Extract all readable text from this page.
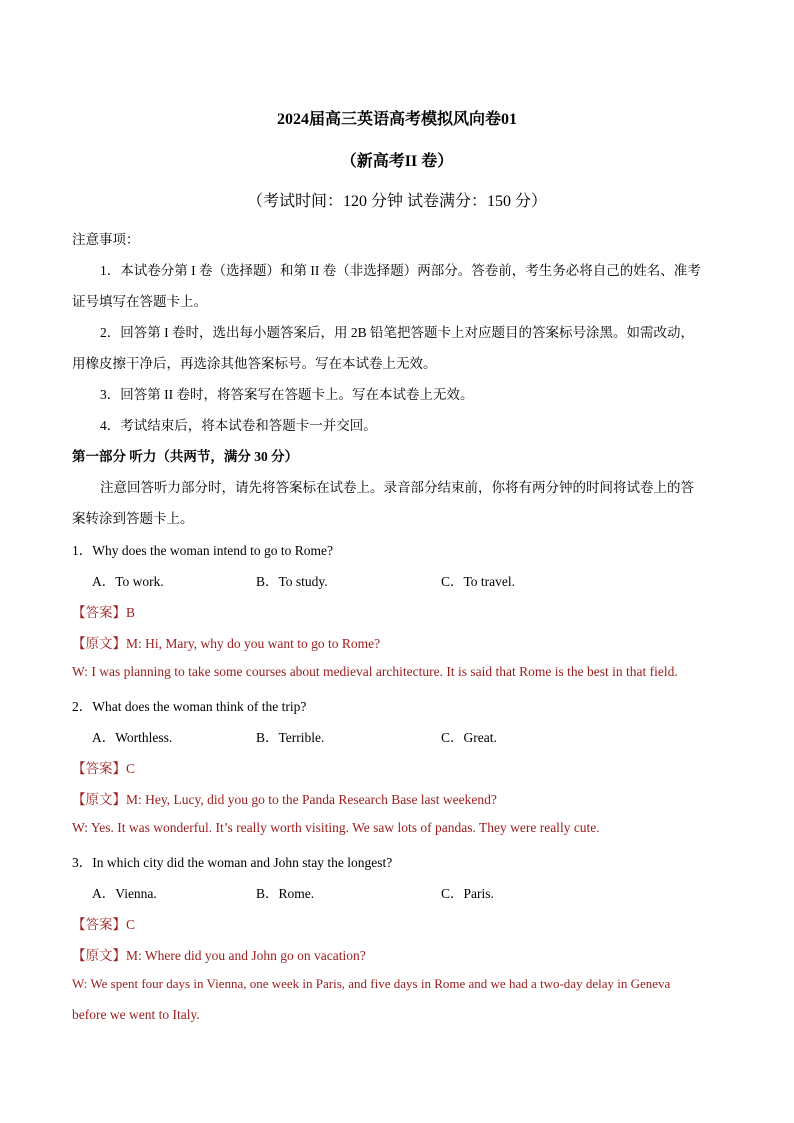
2024届高三英语高考模拟风向卷01
（新高考II 卷）
（考试时间：120 分钟 试卷满分：150 分）
注意事项：
1．本试卷分第 I 卷（选择题）和第 II 卷（非选择题）两部分。答卷前，考生务必将自己的姓名、准考
证号填写在答题卡上。
2．回答第 I 卷时，选出每小题答案后，用 2B 铅笔把答题卡上对应题目的答案标号涂黑。如需改动，
用橡皮擦干净后，再选涂其他答案标号。写在本试卷上无效。
3．回答第 II 卷时，将答案写在答题卡上。写在本试卷上无效。
4．考试结束后，将本试卷和答题卡一并交回。
第一部分 听力（共两节，满分 30 分）
注意回答听力部分时，请先将答案标在试卷上。录音部分结束前，你将有两分钟的时间将试卷上的答
案转涂到答题卡上。
1．Why does the woman intend to go to Rome?
A．To work.	B．To study.	C．To travel.
【答案】B
【原文】M: Hi, Mary, why do you want to go to Rome?
W: I was planning to take some courses about medieval architecture. It is said that Rome is the best in that field.
2．What does the woman think of the trip?
A．Worthless.	B．Terrible.	C．Great.
【答案】C
【原文】M: Hey, Lucy, did you go to the Panda Research Base last weekend?
W: Yes. It was wonderful. It’s really worth visiting. We saw lots of pandas. They were really cute.
3．In which city did the woman and John stay the longest?
A．Vienna.	B．Rome.	C．Paris.
【答案】C
【原文】M: Where did you and John go on vacation?
W: We spent four days in Vienna, one week in Paris, and five days in Rome and we had a two-day delay in Geneva
before we went to Italy.
